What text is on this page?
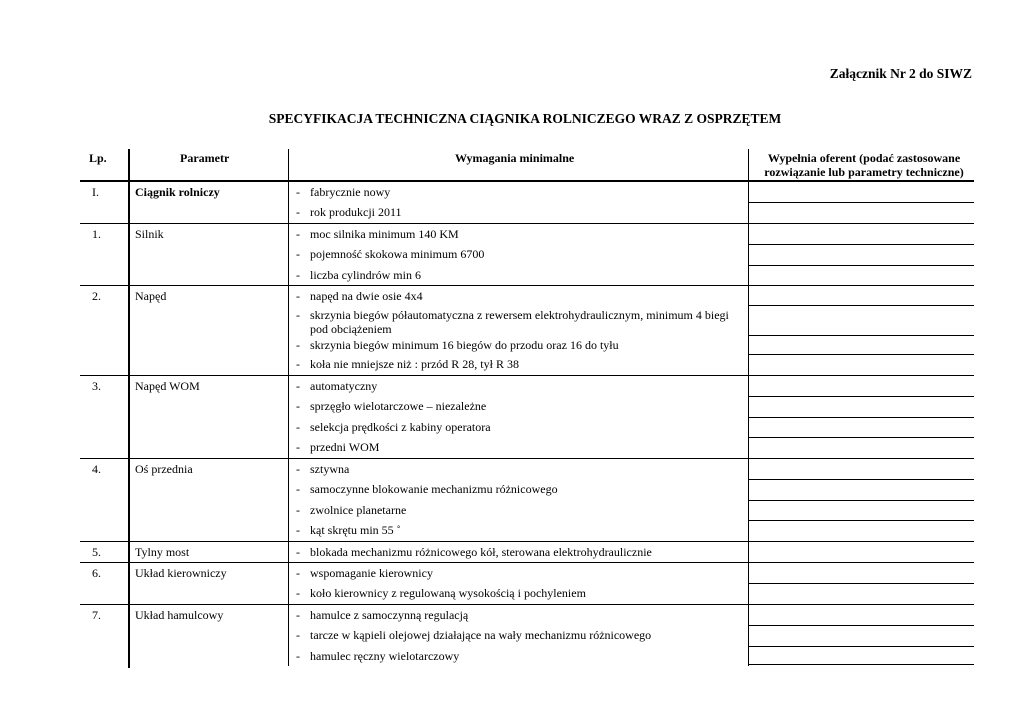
Załącznik Nr 2 do SIWZ
SPECYFIKACJA TECHNICZNA CIĄGNIKA ROLNICZEGO WRAZ Z OSPRZĘTEM
Lp.	Parametr	Wymagania minimalne	Wypełnia oferent (podać zastosowane
rozwiązanie lub parametry techniczne)
I.	Ciągnik rolniczy	- fabrycznie nowy
- rok produkcji 2011
1.	Silnik	- moc silnika minimum 140 KM
- pojemność skokowa minimum 6700
- liczba cylindrów min 6
2.	Napęd	- napęd na dwie osie 4x4
- skrzynia biegów półautomatyczna z rewersem elektrohydraulicznym, minimum 4 biegi
pod obciążeniem
- skrzynia biegów minimum 16 biegów do przodu oraz 16 do tyłu
- koła nie mniejsze niż : przód R 28, tył R 38
3.	Napęd WOM	- automatyczny
- sprzęgło wielotarczowe – niezależne
- selekcja prędkości z kabiny operatora
- przedni WOM
4.	Oś przednia	- sztywna
- samoczynne blokowanie mechanizmu różnicowego
- zwolnice planetarne
- kąt skrętu min 55 ˚
5.	Tylny most	- blokada mechanizmu różnicowego kół, sterowana elektrohydraulicznie
6.	Układ kierowniczy	- wspomaganie kierownicy
- koło kierownicy z regulowaną wysokością i pochyleniem
7.	Układ hamulcowy	- hamulce z samoczynną regulacją
- tarcze w kąpieli olejowej działające na wały mechanizmu różnicowego
- hamulec ręczny wielotarczowy
